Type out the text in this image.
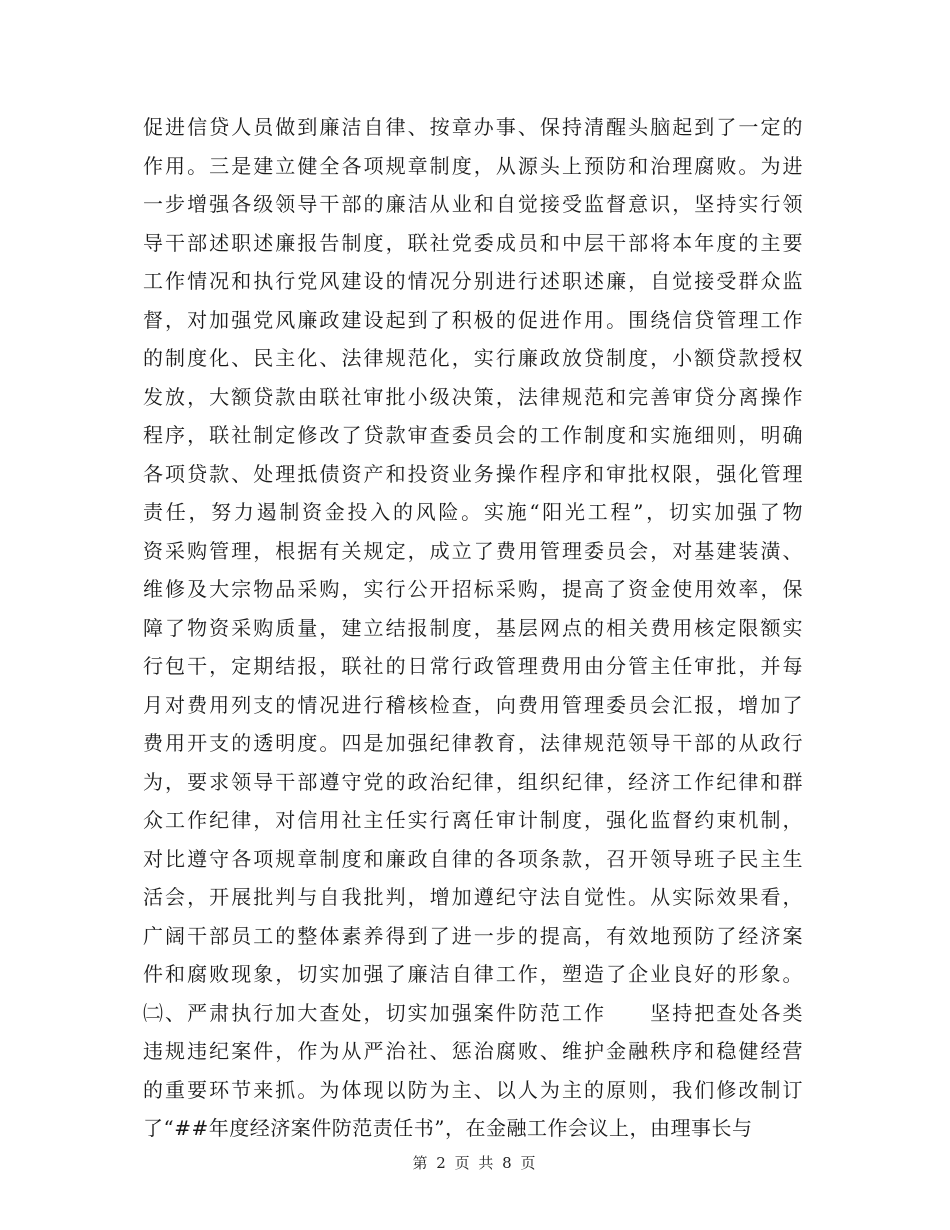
促进信贷人员做到廉洁自律、按章办事、保持清醒头脑起到了一定的
作用。三是建立健全各项规章制度，从源头上预防和治理腐败。为进
一步增强各级领导干部的廉洁从业和自觉接受监督意识，坚持实行领
导干部述职述廉报告制度，联社党委成员和中层干部将本年度的主要
工作情况和执行党风建设的情况分别进行述职述廉，自觉接受群众监
督，对加强党风廉政建设起到了积极的促进作用。围绕信贷管理工作
的制度化、民主化、法律规范化，实行廉政放贷制度，小额贷款授权
发放，大额贷款由联社审批小级决策，法律规范和完善审贷分离操作
程序，联社制定修改了贷款审查委员会的工作制度和实施细则，明确
各项贷款、处理抵债资产和投资业务操作程序和审批权限，强化管理
责任，努力遏制资金投入的风险。实施“阳光工程”，切实加强了物
资采购管理，根据有关规定，成立了费用管理委员会，对基建装潢、
维修及大宗物品采购，实行公开招标采购，提高了资金使用效率，保
障了物资采购质量，建立结报制度，基层网点的相关费用核定限额实
行包干，定期结报，联社的日常行政管理费用由分管主任审批，并每
月对费用列支的情况进行稽核检查，向费用管理委员会汇报，增加了
费用开支的透明度。四是加强纪律教育，法律规范领导干部的从政行
为，要求领导干部遵守党的政治纪律，组织纪律，经济工作纪律和群
众工作纪律，对信用社主任实行离任审计制度，强化监督约束机制，
对比遵守各项规章制度和廉政自律的各项条款，召开领导班子民主生
活会，开展批判与自我批判，增加遵纪守法自觉性。从实际效果看，
广阔干部员工的整体素养得到了进一步的提高，有效地预防了经济案
件和腐败现象，切实加强了廉洁自律工作，塑造了企业良好的形象。
㈡、严肃执行加大查处，切实加强案件防范工作　　坚持把查处各类
违规违纪案件，作为从严治社、惩治腐败、维护金融秩序和稳健经营
的重要环节来抓。为体现以防为主、以人为主的原则，我们修改制订
了“##年度经济案件防范责任书”，在金融工作会议上，由理事长与
第 2 页 共 8 页
